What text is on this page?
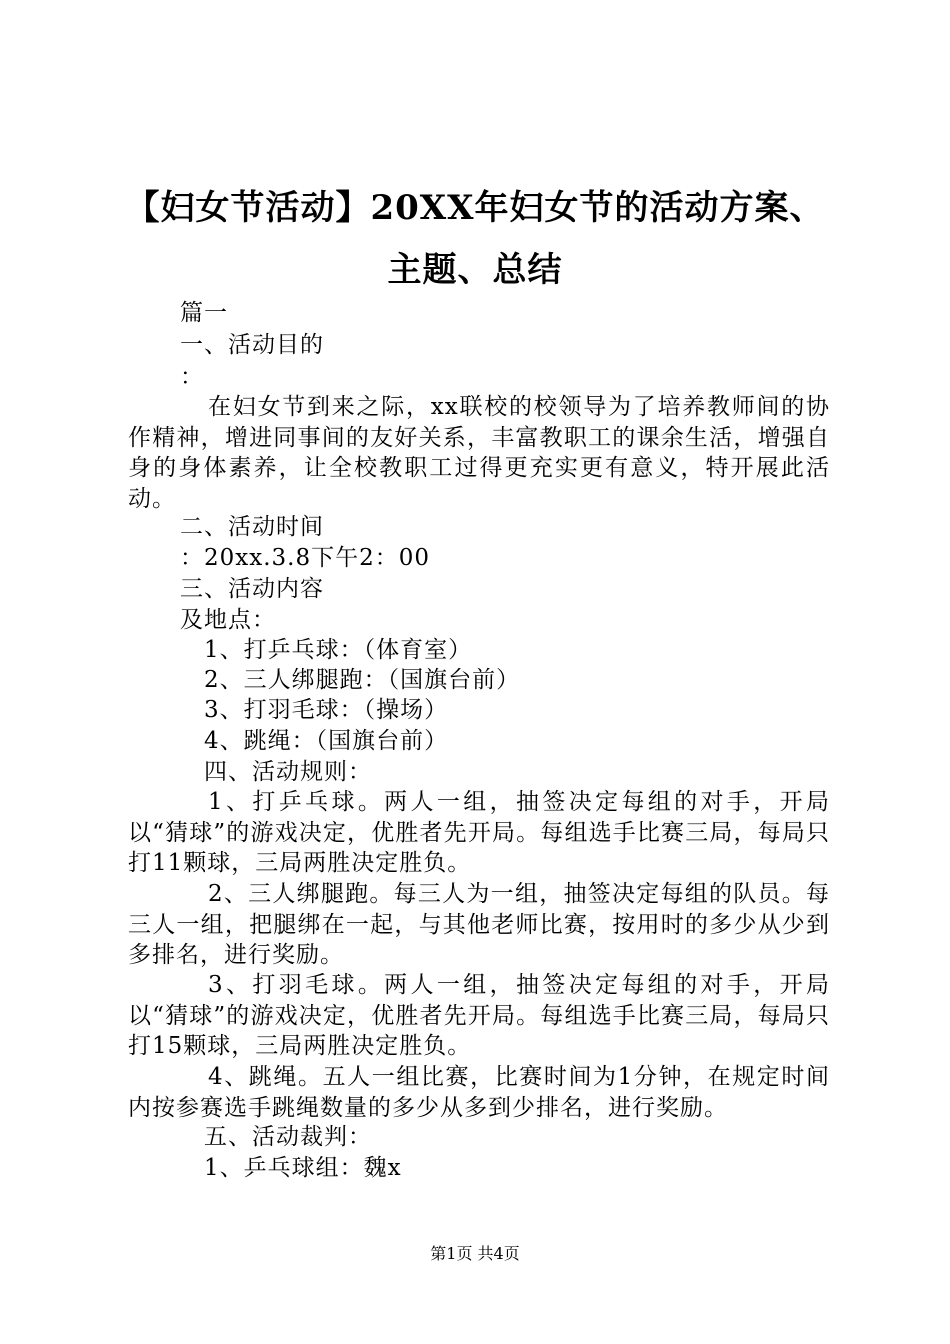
【妇女节活动】20XX年妇女节的活动方案、
主题、总结
篇一
一、活动目的
：
在妇女节到来之际，xx联校的校领导为了培养教师间的协作精神，增进同事间的友好关系，丰富教职工的课余生活，增强自身的身体素养，让全校教职工过得更充实更有意义，特开展此活动。
二、活动时间
：20xx.3.8下午2：00
三、活动内容
及地点：
1、打乒乓球：（体育室）
2、三人绑腿跑：（国旗台前）
3、打羽毛球：（操场）
4、跳绳：（国旗台前）
四、活动规则：
1、打乒乓球。两人一组，抽签决定每组的对手，开局以“猜球”的游戏决定，优胜者先开局。每组选手比赛三局，每局只打11颗球，三局两胜决定胜负。
2、三人绑腿跑。每三人为一组，抽签决定每组的队员。每三人一组，把腿绑在一起，与其他老师比赛，按用时的多少从少到多排名，进行奖励。
3、打羽毛球。两人一组，抽签决定每组的对手，开局以“猜球”的游戏决定，优胜者先开局。每组选手比赛三局，每局只打15颗球，三局两胜决定胜负。
4、跳绳。五人一组比赛，比赛时间为1分钟，在规定时间内按参赛选手跳绳数量的多少从多到少排名，进行奖励。
五、活动裁判：
1、乒乓球组：魏x
第1页 共4页
